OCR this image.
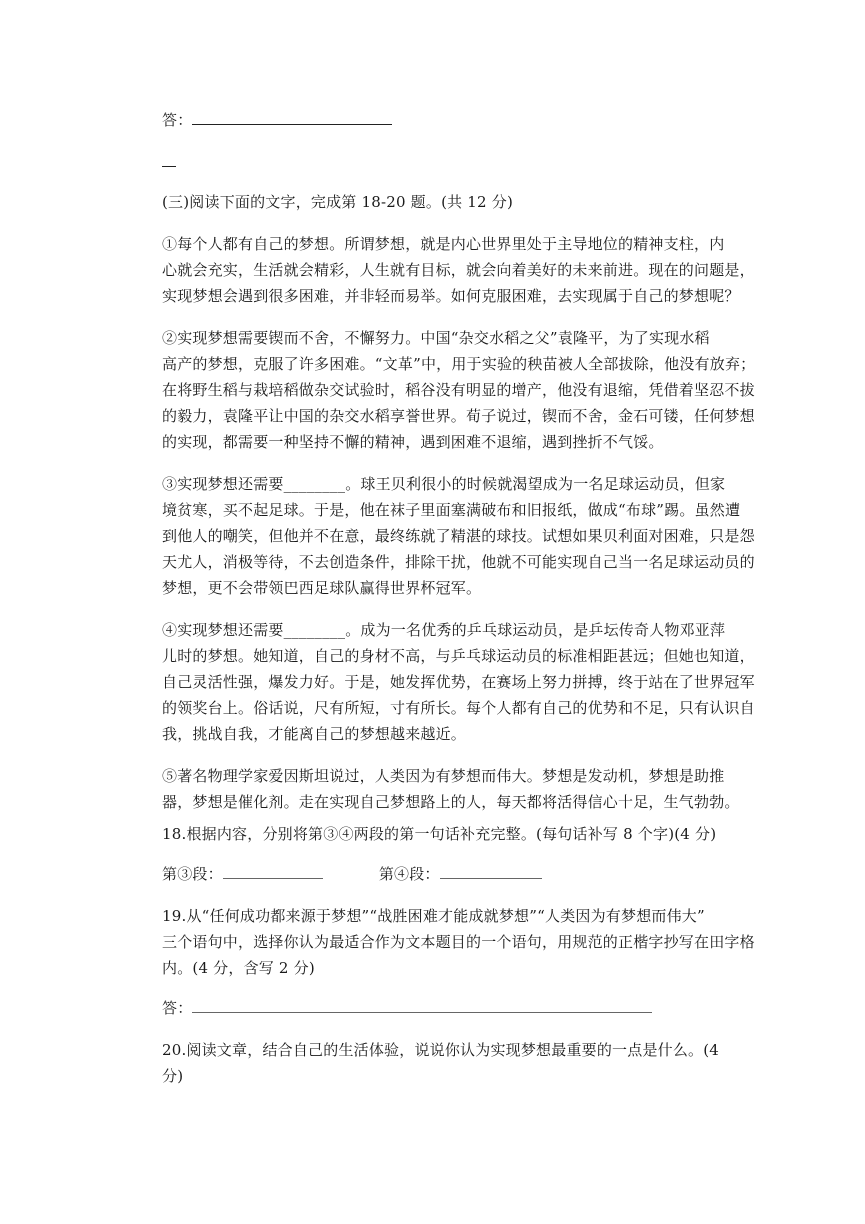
答：
(三)阅读下面的文字，完成第 18-20 题。(共 12 分)
①每个人都有自己的梦想。所谓梦想，就是内心世界里处于主导地位的精神支柱，内
心就会充实，生活就会精彩，人生就有目标，就会向着美好的未来前进。现在的问题是，
实现梦想会遇到很多困难，并非轻而易举。如何克服困难，去实现属于自己的梦想呢？
②实现梦想需要锲而不舍，不懈努力。中国“杂交水稻之父”袁隆平，为了实现水稻
高产的梦想，克服了许多困难。“文革”中，用于实验的秧苗被人全部拔除，他没有放弃；
在将野生稻与栽培稻做杂交试验时，稻谷没有明显的增产，他没有退缩，凭借着坚忍不拔
的毅力，袁隆平让中国的杂交水稻享誉世界。荀子说过，锲而不舍，金石可镂，任何梦想
的实现，都需要一种坚持不懈的精神，遇到困难不退缩，遇到挫折不气馁。
③实现梦想还需要________。球王贝利很小的时候就渴望成为一名足球运动员，但家
境贫寒，买不起足球。于是，他在袜子里面塞满破布和旧报纸，做成“布球”踢。虽然遭
到他人的嘲笑，但他并不在意，最终练就了精湛的球技。试想如果贝利面对困难，只是怨
天尤人，消极等待，不去创造条件，排除干扰，他就不可能实现自己当一名足球运动员的
梦想，更不会带领巴西足球队赢得世界杯冠军。
④实现梦想还需要________。成为一名优秀的乒乓球运动员，是乒坛传奇人物邓亚萍
儿时的梦想。她知道，自己的身材不高，与乒乓球运动员的标准相距甚远；但她也知道，
自己灵活性强，爆发力好。于是，她发挥优势，在赛场上努力拼搏，终于站在了世界冠军
的领奖台上。俗话说，尺有所短，寸有所长。每个人都有自己的优势和不足，只有认识自
我，挑战自我，才能离自己的梦想越来越近。
⑤著名物理学家爱因斯坦说过，人类因为有梦想而伟大。梦想是发动机，梦想是助推
器，梦想是催化剂。走在实现自己梦想路上的人，每天都将活得信心十足，生气勃勃。
18.根据内容，分别将第③④两段的第一句话补充完整。(每句话补写 8 个字)(4 分)
第③段：	第④段：
19.从“任何成功都来源于梦想”“战胜困难才能成就梦想”“人类因为有梦想而伟大”
三个语句中，选择你认为最适合作为文本题目的一个语句，用规范的正楷字抄写在田字格
内。(4 分，含写 2 分)
答：
20.阅读文章，结合自己的生活体验，说说你认为实现梦想最重要的一点是什么。(4
分)
